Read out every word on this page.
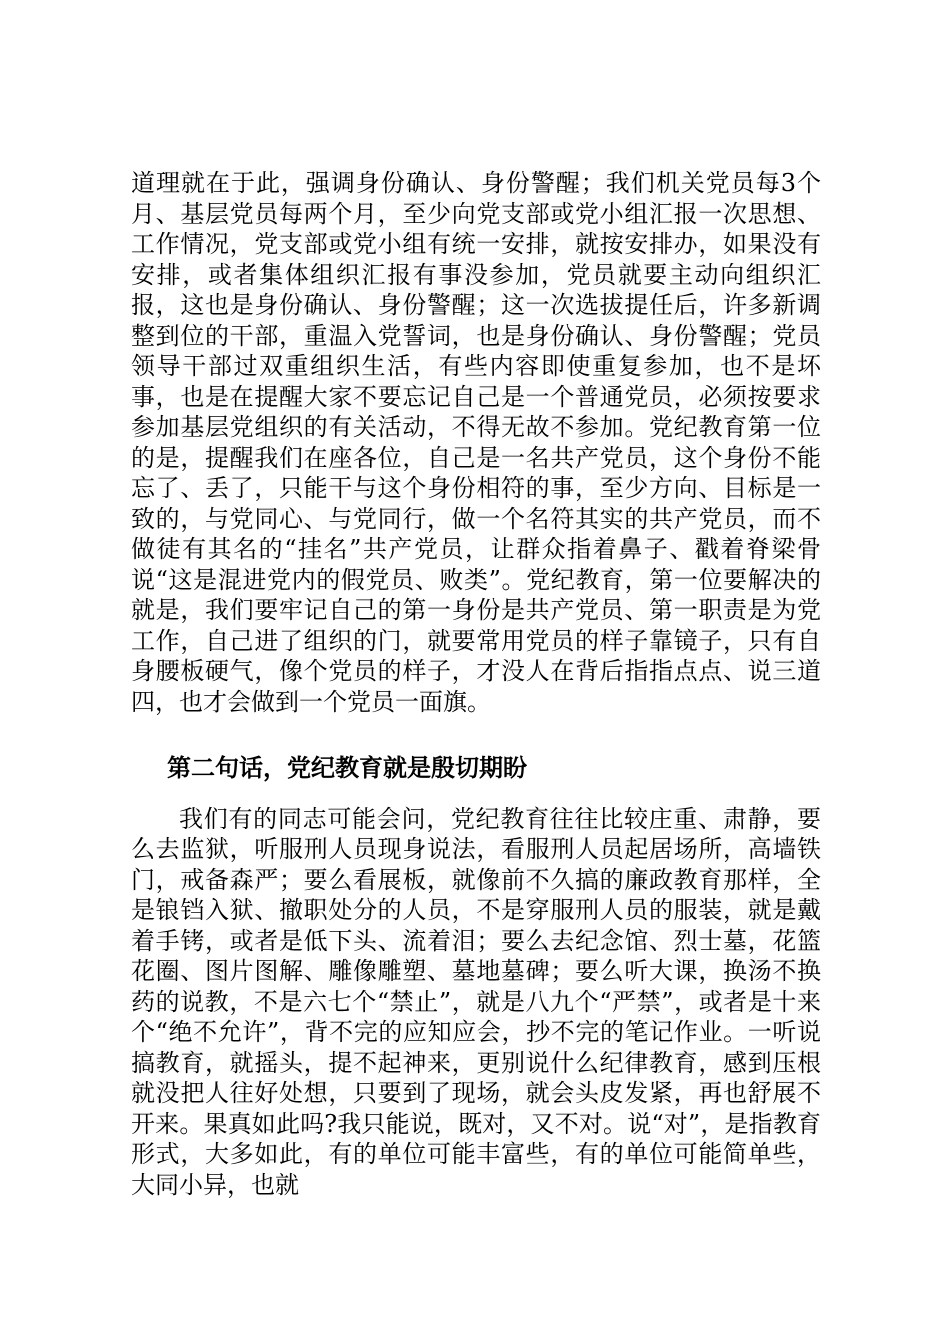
道理就在于此，强调身份确认、身份警醒；我们机关党员每3个月、基层党员每两个月，至少向党支部或党小组汇报一次思想、工作情况，党支部或党小组有统一安排，就按安排办，如果没有安排，或者集体组织汇报有事没参加，党员就要主动向组织汇报，这也是身份确认、身份警醒；这一次选拔提任后，许多新调整到位的干部，重温入党誓词，也是身份确认、身份警醒；党员领导干部过双重组织生活，有些内容即使重复参加，也不是坏事，也是在提醒大家不要忘记自己是一个普通党员，必须按要求参加基层党组织的有关活动，不得无故不参加。党纪教育第一位的是，提醒我们在座各位，自己是一名共产党员，这个身份不能忘了、丢了，只能干与这个身份相符的事，至少方向、目标是一致的，与党同心、与党同行，做一个名符其实的共产党员，而不做徒有其名的“挂名”共产党员，让群众指着鼻子、戳着脊梁骨说“这是混进党内的假党员、败类”。党纪教育，第一位要解决的就是，我们要牢记自己的第一身份是共产党员、第一职责是为党工作，自己进了组织的门，就要常用党员的样子靠镜子，只有自身腰板硬气，像个党员的样子，才没人在背后指指点点、说三道四，也才会做到一个党员一面旗。

第二句话，党纪教育就是殷切期盼

我们有的同志可能会问，党纪教育往往比较庄重、肃静，要么去监狱，听服刑人员现身说法，看服刑人员起居场所，高墙铁门，戒备森严；要么看展板，就像前不久搞的廉政教育那样，全是锒铛入狱、撤职处分的人员，不是穿服刑人员的服装，就是戴着手铐，或者是低下头、流着泪；要么去纪念馆、烈士墓，花篮花圈、图片图解、雕像雕塑、墓地墓碑；要么听大课，换汤不换药的说教，不是六七个“禁止”，就是八九个“严禁”，或者是十来个“绝不允许”，背不完的应知应会，抄不完的笔记作业。一听说搞教育，就摇头，提不起神来，更别说什么纪律教育，感到压根就没把人往好处想，只要到了现场，就会头皮发紧，再也舒展不开来。果真如此吗?我只能说，既对，又不对。说“对”，是指教育形式，大多如此，有的单位可能丰富些，有的单位可能简单些，大同小异，也就
